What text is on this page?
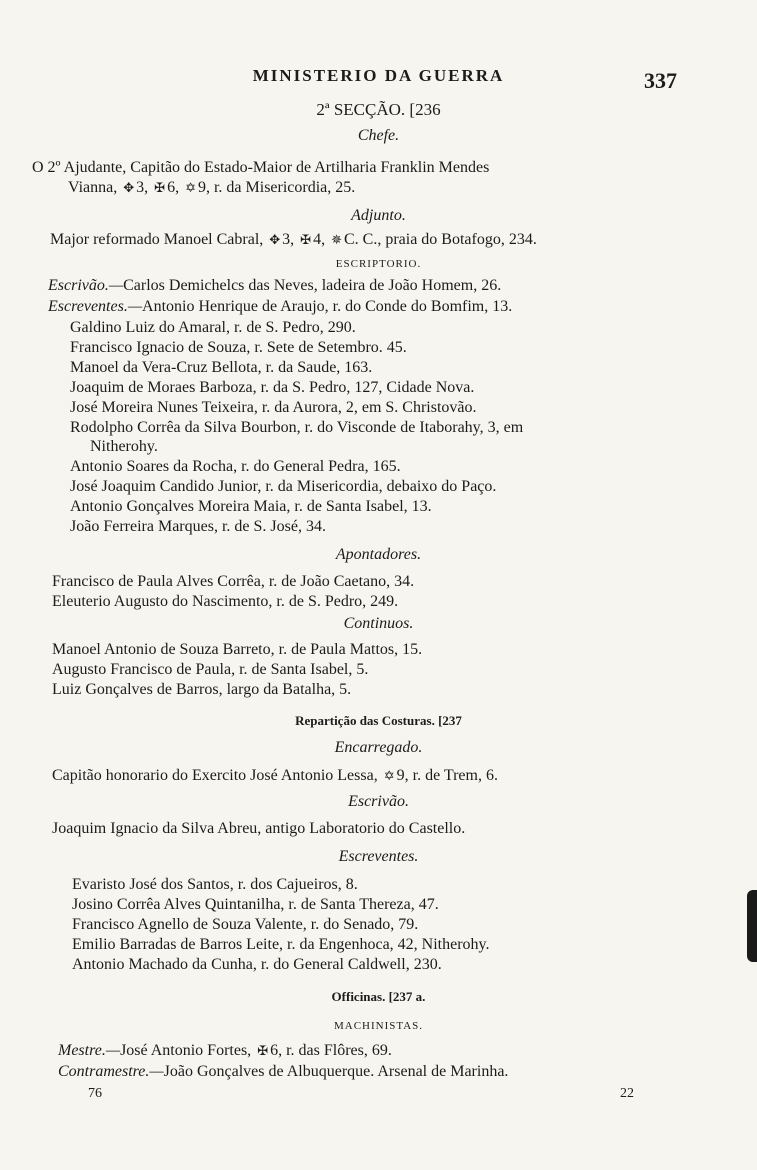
MINISTERIO DA GUERRA	337
2ª SECÇÃO. [236
Chefe.
O 2º Ajudante, Capitão do Estado-Maior de Artilharia Franklin Mendes
Vianna, ✥ 3, ✠ 6, ✡ 9, r. da Misericordia, 25.
Adjunto.
Major reformado Manoel Cabral, ✥ 3, ✠ 4, ✵ C. C., praia do Botafogo, 234.
ESCRIPTORIO.
Escrivão.—Carlos Demichelcs das Neves, ladeira de João Homem, 26.
Escreventes.—Antonio Henrique de Araujo, r. do Conde do Bomfim, 13.
Galdino Luiz do Amaral, r. de S. Pedro, 290.
Francisco Ignacio de Souza, r. Sete de Setembro. 45.
Manoel da Vera-Cruz Bellota, r. da Saude, 163.
Joaquim de Moraes Barboza, r. da S. Pedro, 127, Cidade Nova.
José Moreira Nunes Teixeira, r. da Aurora, 2, em S. Christovão.
Rodolpho Corrêa da Silva Bourbon, r. do Visconde de Itaborahy, 3, em
Nitherohy.
Antonio Soares da Rocha, r. do General Pedra, 165.
José Joaquim Candido Junior, r. da Misericordia, debaixo do Paço.
Antonio Gonçalves Moreira Maia, r. de Santa Isabel, 13.
João Ferreira Marques, r. de S. José, 34.
Apontadores.
Francisco de Paula Alves Corrêa, r. de João Caetano, 34.
Eleuterio Augusto do Nascimento, r. de S. Pedro, 249.
Continuos.
Manoel Antonio de Souza Barreto, r. de Paula Mattos, 15.
Augusto Francisco de Paula, r. de Santa Isabel, 5.
Luiz Gonçalves de Barros, largo da Batalha, 5.
Repartição das Costuras. [237
Encarregado.
Capitão honorario do Exercito José Antonio Lessa, ✡ 9, r. de Trem, 6.
Escrivão.
Joaquim Ignacio da Silva Abreu, antigo Laboratorio do Castello.
Escreventes.
Evaristo José dos Santos, r. dos Cajueiros, 8.
Josino Corrêa Alves Quintanilha, r. de Santa Thereza, 47.
Francisco Agnello de Souza Valente, r. do Senado, 79.
Emilio Barradas de Barros Leite, r. da Engenhoca, 42, Nitherohy.
Antonio Machado da Cunha, r. do General Caldwell, 230.
Officinas. [237 a.
MACHINISTAS.
Mestre.—José Antonio Fortes, ✠ 6, r. das Flôres, 69.
Contramestre.—João Gonçalves de Albuquerque. Arsenal de Marinha.
76	22
